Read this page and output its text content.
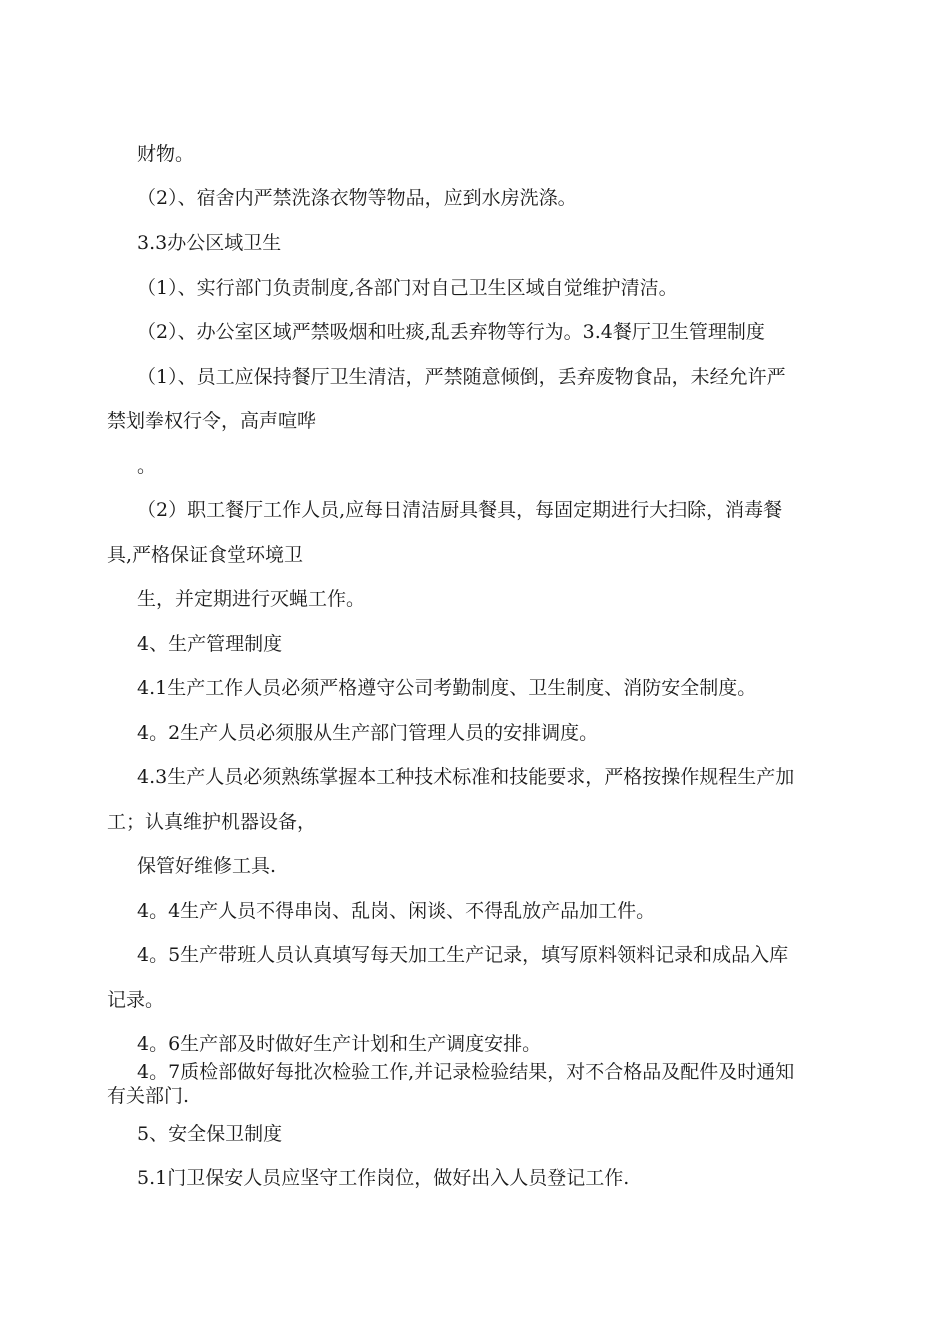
财物。

（2）、宿舍内严禁洗涤衣物等物品，应到水房洗涤。

3.3办公区域卫生

（1）、实行部门负责制度,各部门对自己卫生区域自觉维护清洁。

（2）、办公室区域严禁吸烟和吐痰,乱丢弃物等行为。3.4餐厅卫生管理制度

（1）、员工应保持餐厅卫生清洁，严禁随意倾倒，丢弃废物食品，未经允许严

禁划拳权行令，高声喧哗

。

（2）职工餐厅工作人员,应每日清洁厨具餐具，每固定期进行大扫除，消毒餐

具,严格保证食堂环境卫

生，并定期进行灭蝇工作。

4、生产管理制度

4.1生产工作人员必须严格遵守公司考勤制度、卫生制度、消防安全制度。

4。2生产人员必须服从生产部门管理人员的安排调度。

4.3生产人员必须熟练掌握本工种技术标准和技能要求，严格按操作规程生产加

工；认真维护机器设备，

保管好维修工具.

4。4生产人员不得串岗、乱岗、闲谈、不得乱放产品加工件。

4。5生产带班人员认真填写每天加工生产记录，填写原料领料记录和成品入库

记录。

4。6生产部及时做好生产计划和生产调度安排。

4。7质检部做好每批次检验工作,并记录检验结果，对不合格品及配件及时通知

有关部门.

5、安全保卫制度

5.1门卫保安人员应坚守工作岗位，做好出入人员登记工作.
